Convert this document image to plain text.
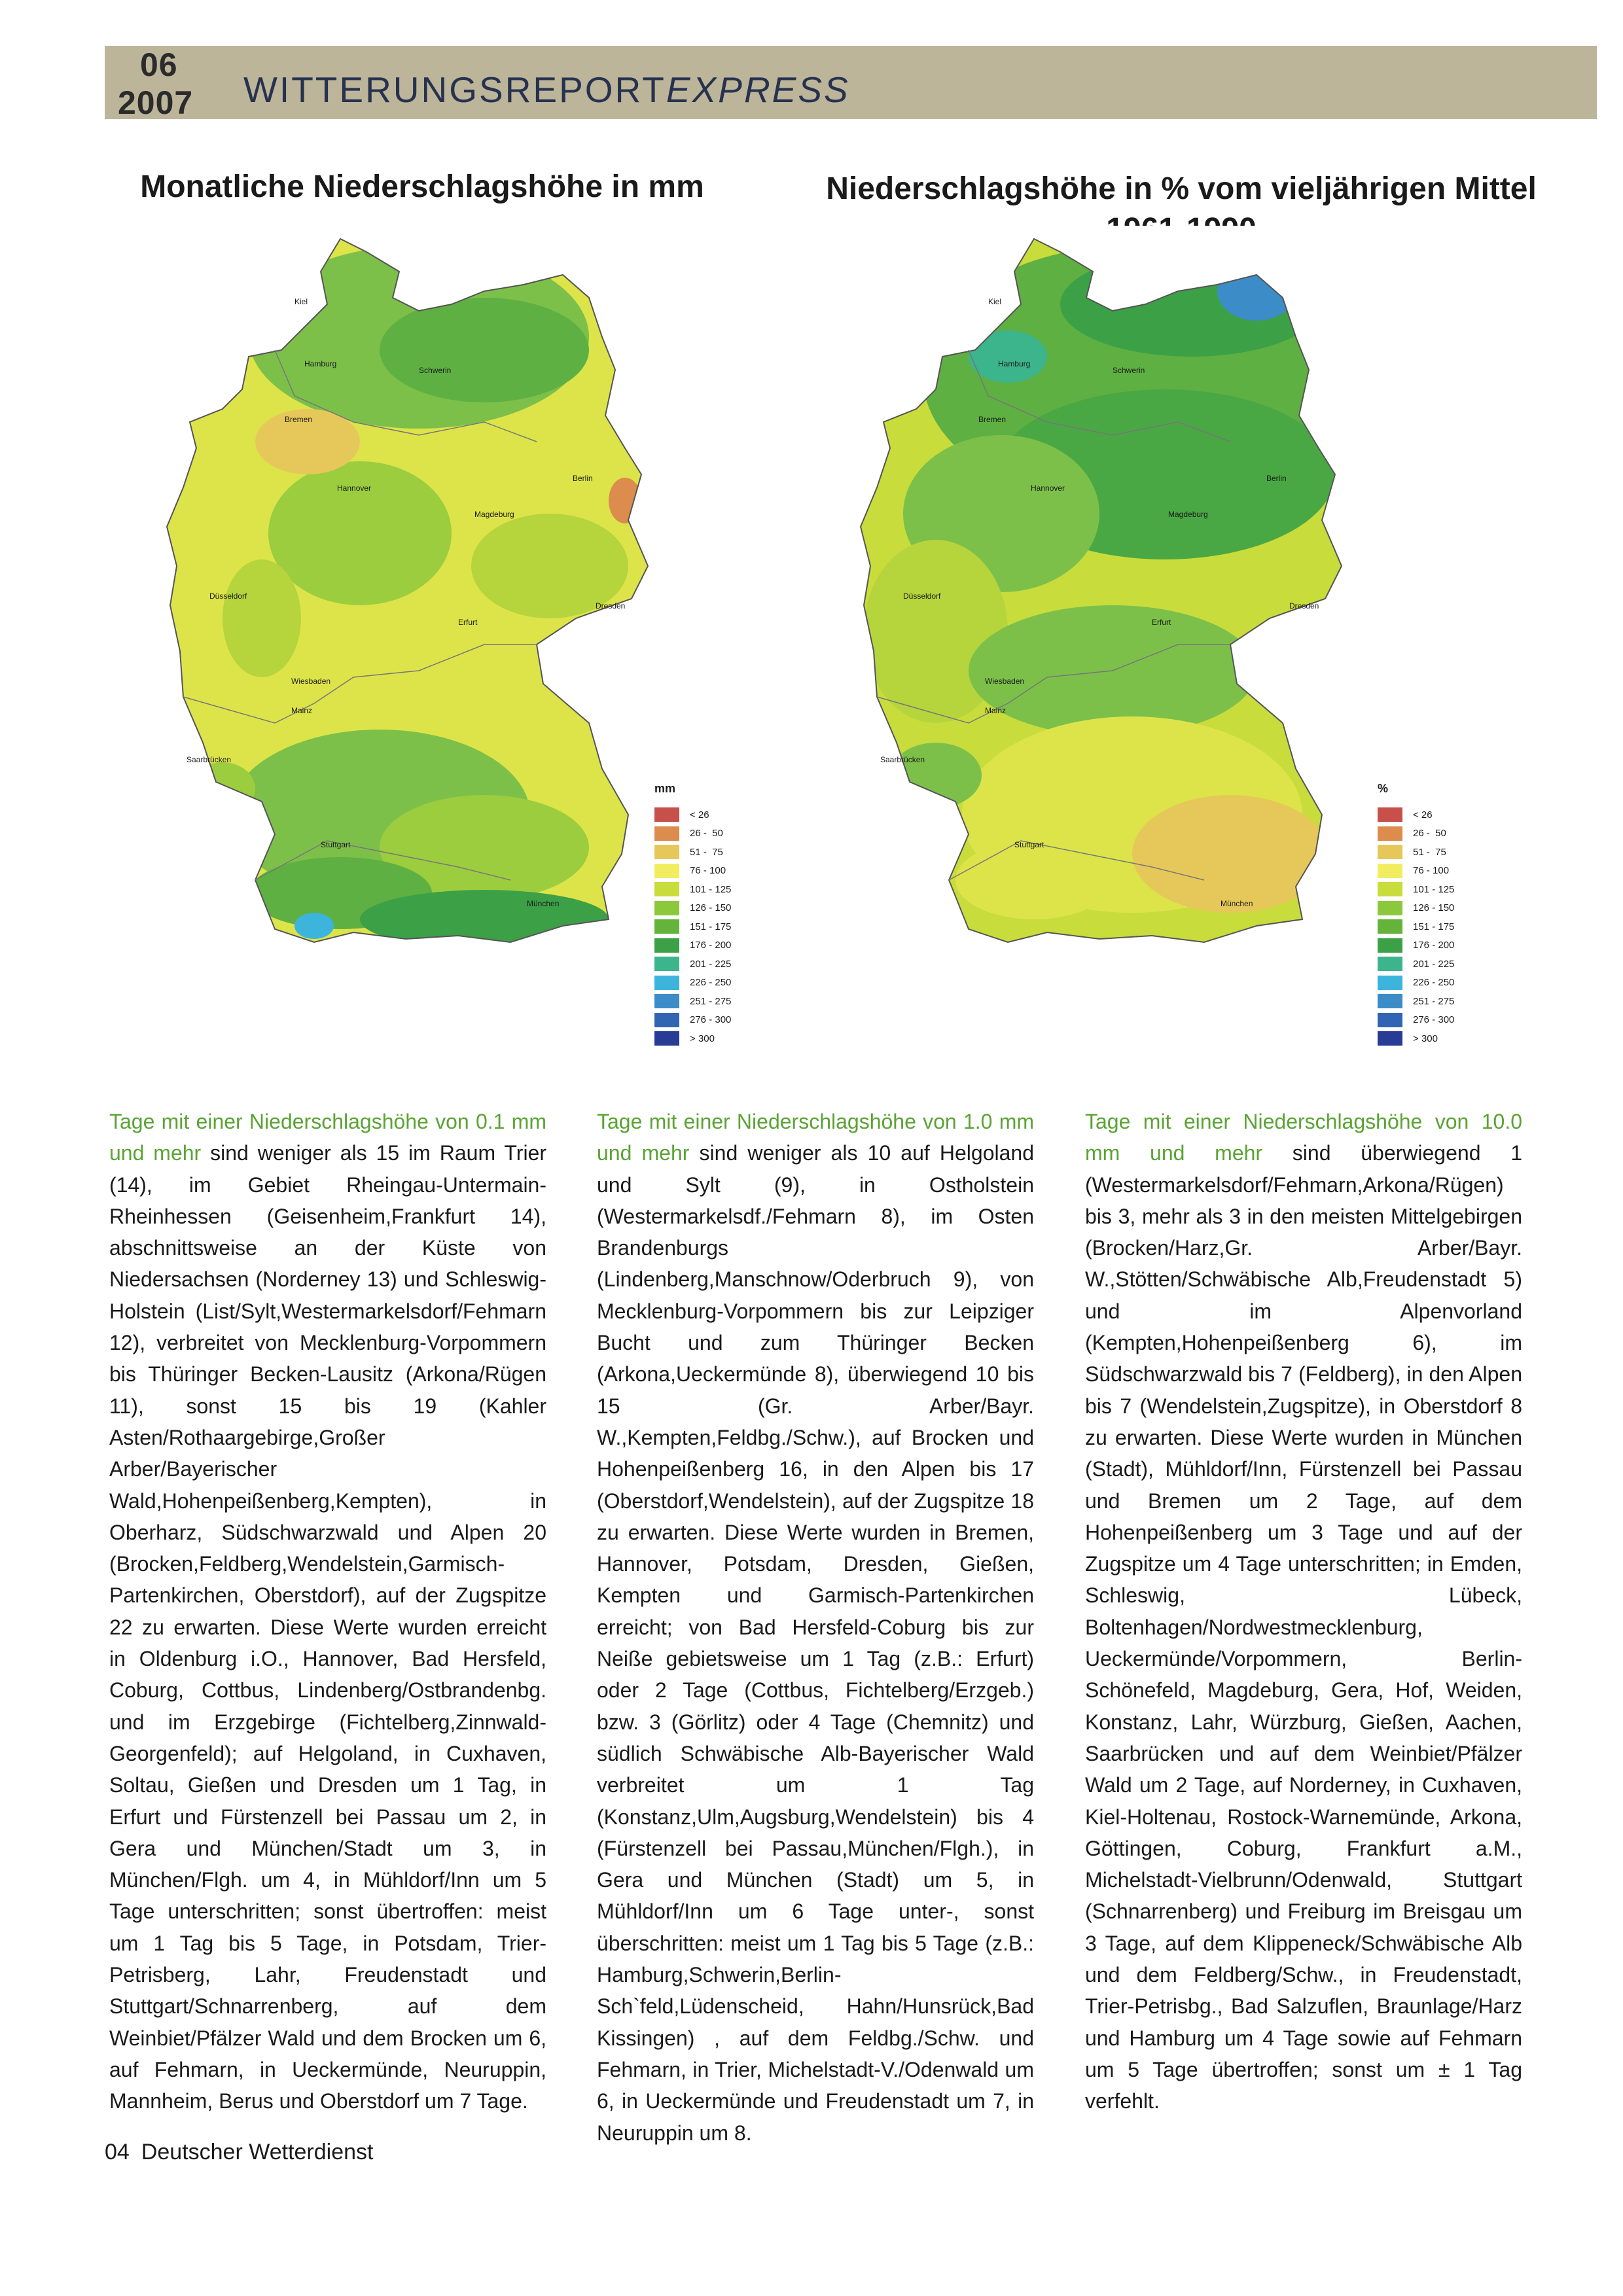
06
2007 WITTERUNGSREPORTEXPRESS
Monatliche Niederschlagshöhe in mm	Niederschlagshöhe in % vom vieljährigen Mittel
Kiel
Hamburg
Schwerin
Bremen
Berlin
Hannover
Magdeburg
Düsseldorf
Dresden
Erfurt
Wiesbaden
Mainz
Saarbrücken
Stuttgart
München
Kiel
Hamburg
Schwerin
Bremen
Berlin
Hannover
Magdeburg
Düsseldorf
Dresden
Erfurt
Wiesbaden
Mainz
Saarbrücken
Stuttgart
München
mm
< 26
26 -  50
51 -  75
76 - 100
101 - 125
126 - 150
151 - 175
176 - 200
201 - 225
226 - 250
251 - 275
276 - 300
> 300
%
< 26
26 -  50
51 -  75
76 - 100
101 - 125
126 - 150
151 - 175
176 - 200
201 - 225
226 - 250
251 - 275
276 - 300
> 300
Tage mit einer Niederschlagshöhe von 0.1 mm und mehr sind weniger als 15 im Raum Trier (14), im Gebiet Rheingau-Untermain-Rheinhessen (Geisenheim,Frankfurt 14), abschnittsweise an der Küste von Niedersachsen (Norderney 13) und Schleswig-Holstein (List/Sylt,Westermarkelsdorf/Fehmarn 12), verbreitet von Mecklenburg-Vorpommern bis Thüringer Becken-Lausitz (Arkona/Rügen 11), sonst 15 bis 19 (Kahler Asten/Rothaargebirge,Großer Arber/Bayerischer Wald,Hohenpeißenberg,Kempten), in Oberharz, Südschwarzwald und Alpen 20 (Brocken,Feldberg,Wendelstein,Garmisch-Partenkirchen, Oberstdorf), auf der Zugspitze 22 zu erwarten. Diese Werte wurden erreicht in Oldenburg i.O., Hannover, Bad Hersfeld, Coburg, Cottbus, Lindenberg/Ostbrandenbg. und im Erzgebirge (Fichtelberg,Zinnwald-Georgenfeld); auf Helgoland, in Cuxhaven, Soltau, Gießen und Dresden um 1 Tag, in Erfurt und Fürstenzell bei Passau um 2, in Gera und München/Stadt um 3, in München/Flgh. um 4, in Mühldorf/Inn um 5 Tage unterschritten; sonst übertroffen: meist um 1 Tag bis 5 Tage, in Potsdam, Trier-Petrisberg, Lahr, Freudenstadt und Stuttgart/Schnarrenberg, auf dem Weinbiet/Pfälzer Wald und dem Brocken um 6, auf Fehmarn, in Ueckermünde, Neuruppin, Mannheim, Berus und Oberstdorf um 7 Tage.
Tage mit einer Niederschlagshöhe von 1.0 mm und mehr sind weniger als 10 auf Helgoland und Sylt (9), in Ostholstein (Westermarkelsdf./Fehmarn 8), im Osten Brandenburgs (Lindenberg,Manschnow/Oderbruch 9), von Mecklenburg-Vorpommern bis zur Leipziger Bucht und zum Thüringer Becken (Arkona,Ueckermünde 8), überwiegend 10 bis 15 (Gr. Arber/Bayr. W.,Kempten,Feldbg./Schw.), auf Brocken und Hohenpeißenberg 16, in den Alpen bis 17 (Oberstdorf,Wendelstein), auf der Zugspitze 18 zu erwarten. Diese Werte wurden in Bremen, Hannover, Potsdam, Dresden, Gießen, Kempten und Garmisch-Partenkirchen erreicht; von Bad Hersfeld-Coburg bis zur Neiße gebietsweise um 1 Tag (z.B.: Erfurt) oder 2 Tage (Cottbus, Fichtelberg/Erzgeb.) bzw. 3 (Görlitz) oder 4 Tage (Chemnitz) und südlich Schwäbische Alb-Bayerischer Wald verbreitet um 1 Tag (Konstanz,Ulm,Augsburg,Wendelstein) bis 4 (Fürstenzell bei Passau,München/Flgh.), in Gera und München (Stadt) um 5, in Mühldorf/Inn um 6 Tage unter-, sonst überschritten: meist um 1 Tag bis 5 Tage (z.B.: Hamburg,Schwerin,Berlin-Sch`feld,Lüdenscheid, Hahn/Hunsrück,Bad Kissingen) , auf dem Feldbg./Schw. und Fehmarn, in Trier, Michelstadt-V./Odenwald um 6, in Ueckermünde und Freudenstadt um 7, in Neuruppin um 8.
Tage mit einer Niederschlagshöhe von 10.0 mm und mehr sind überwiegend 1 (Westermarkelsdorf/Fehmarn,Arkona/Rügen) bis 3, mehr als 3 in den meisten Mittelgebirgen (Brocken/Harz,Gr. Arber/Bayr. W.,Stötten/Schwäbische Alb,Freudenstadt 5) und im Alpenvorland (Kempten,Hohenpeißenberg 6), im Südschwarzwald bis 7 (Feldberg), in den Alpen bis 7 (Wendelstein,Zugspitze), in Oberstdorf 8 zu erwarten. Diese Werte wurden in München (Stadt), Mühldorf/Inn, Fürstenzell bei Passau und Bremen um 2 Tage, auf dem Hohenpeißenberg um 3 Tage und auf der Zugspitze um 4 Tage unterschritten; in Emden, Schleswig, Lübeck, Boltenhagen/Nordwestmecklenburg, Ueckermünde/Vorpommern, Berlin-Schönefeld, Magdeburg, Gera, Hof, Weiden, Konstanz, Lahr, Würzburg, Gießen, Aachen, Saarbrücken und auf dem Weinbiet/Pfälzer Wald um 2 Tage, auf Norderney, in Cuxhaven, Kiel-Holtenau, Rostock-Warnemünde, Arkona, Göttingen, Coburg, Frankfurt a.M., Michelstadt-Vielbrunn/Odenwald, Stuttgart (Schnarrenberg) und Freiburg im Breisgau um 3 Tage, auf dem Klippeneck/Schwäbische Alb und dem Feldberg/Schw., in Freudenstadt, Trier-Petrisbg., Bad Salzuflen, Braunlage/Harz und Hamburg um 4 Tage sowie auf Fehmarn um 5 Tage übertroffen; sonst um ± 1 Tag verfehlt.
04 Deutscher Wetterdienst
